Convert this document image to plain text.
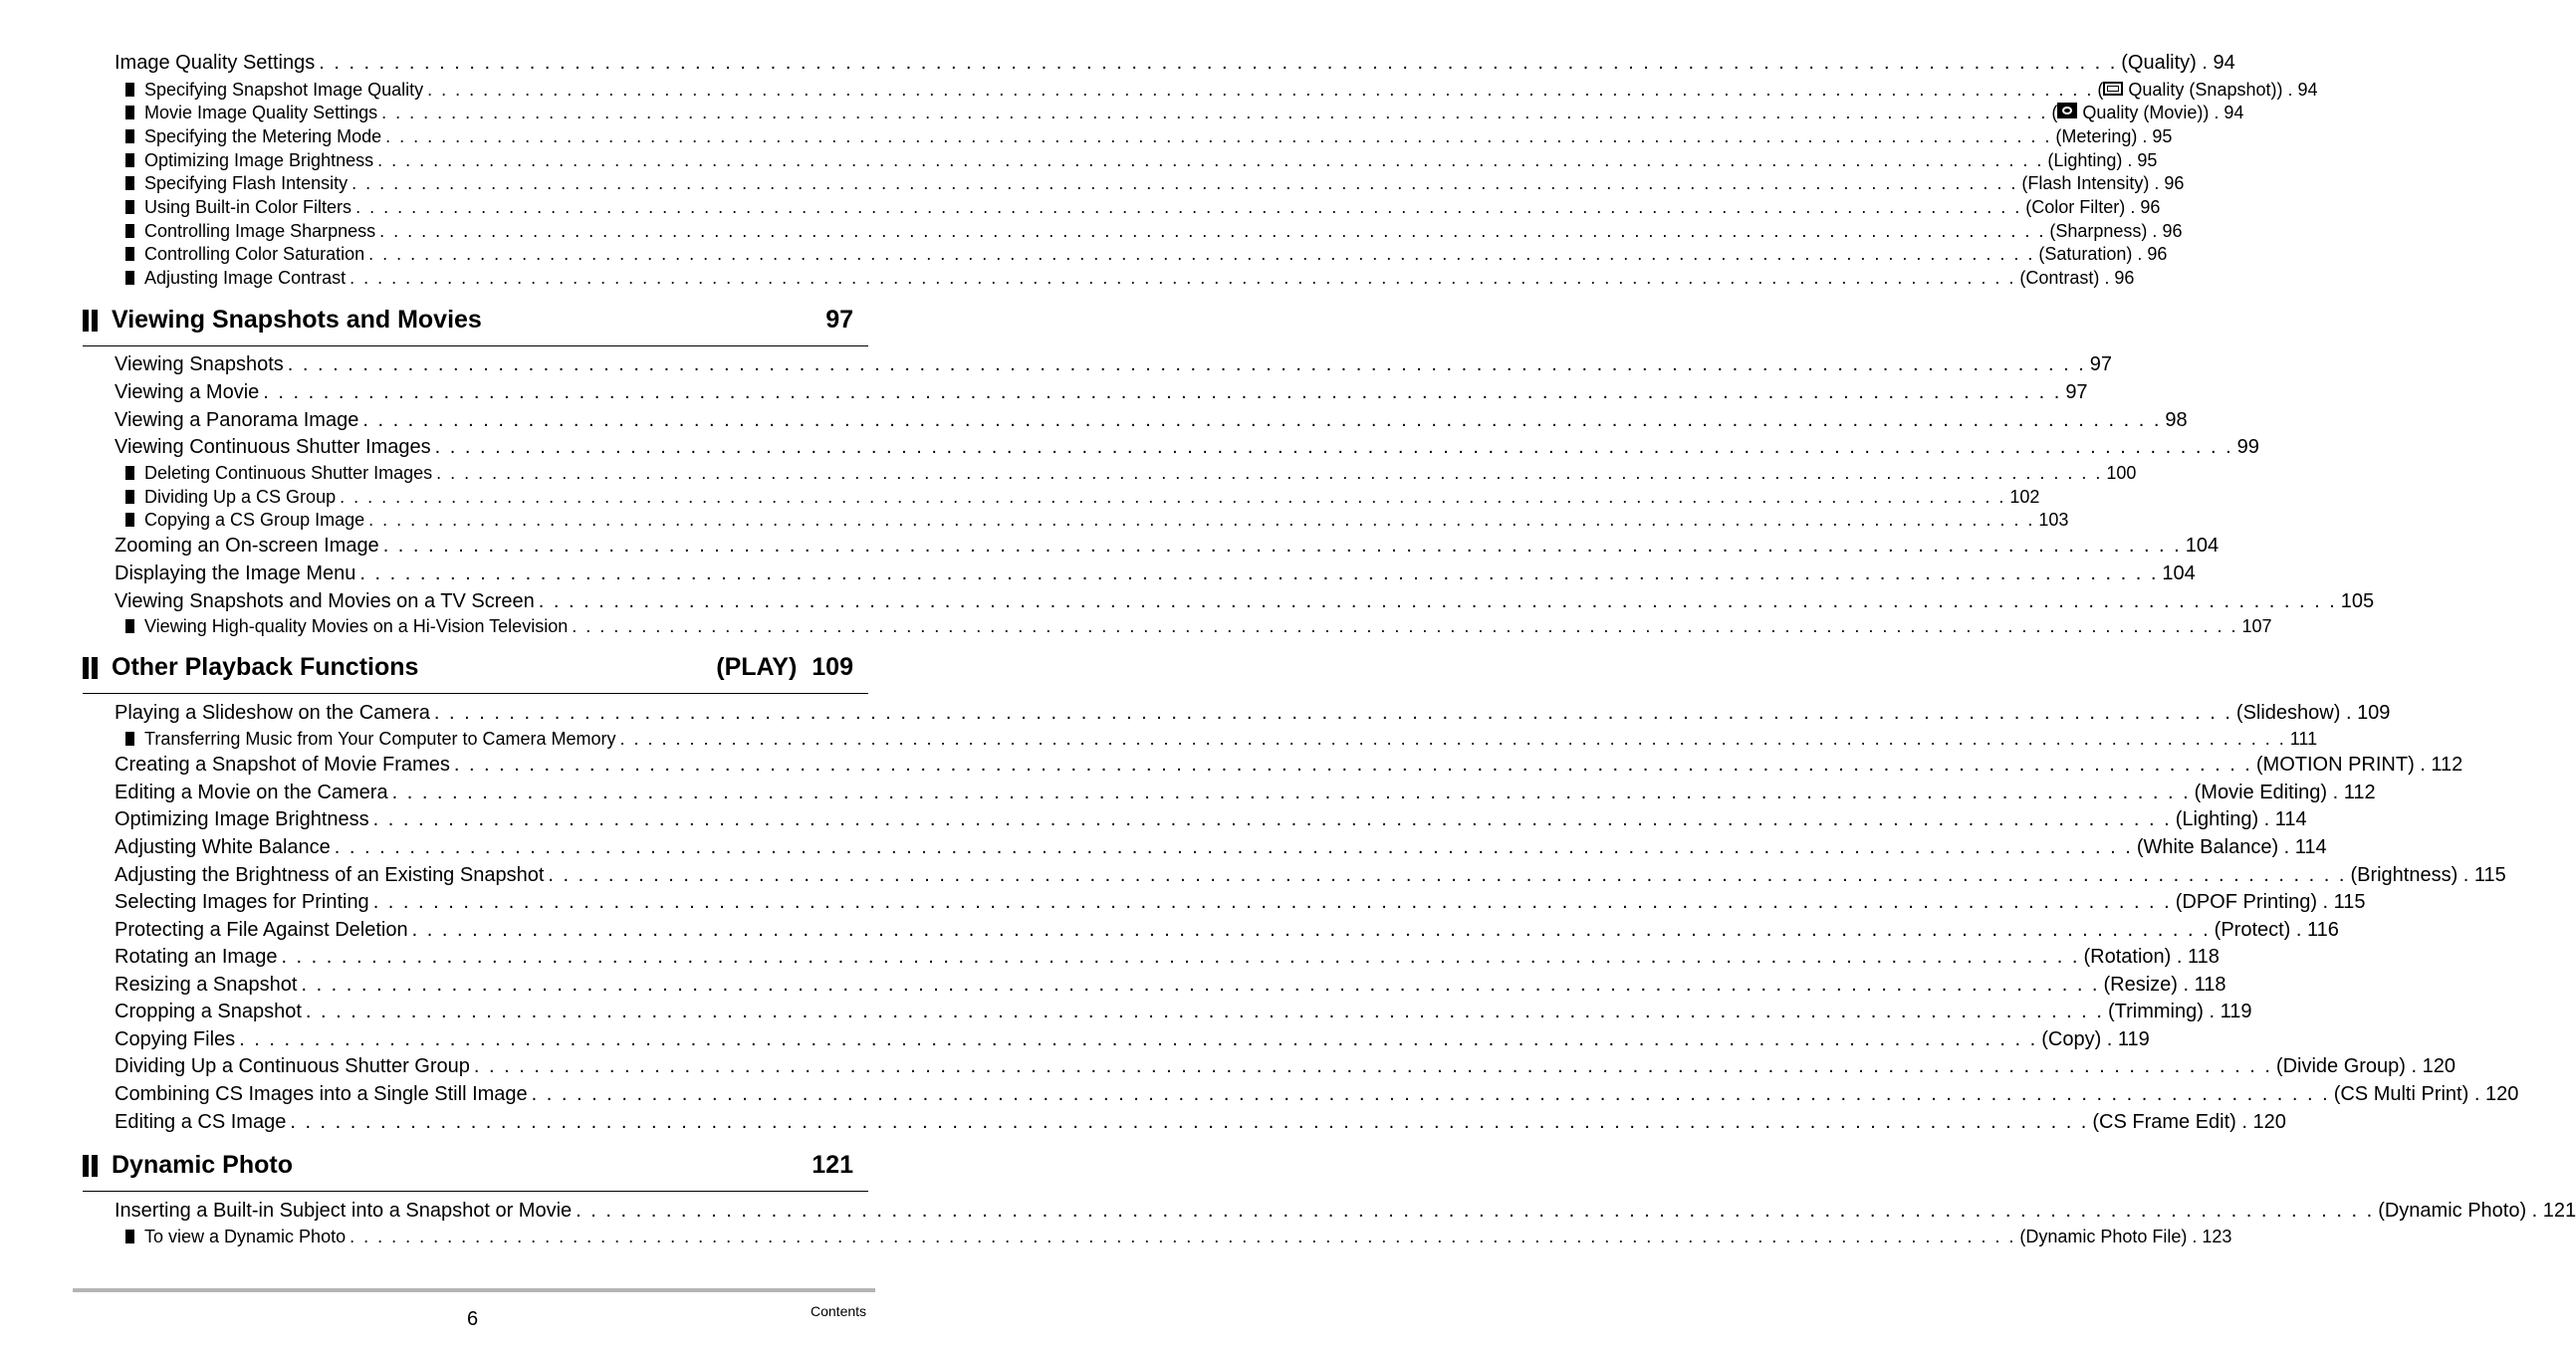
Image Quality Settings . . . . . . . . . . . . . . . . . . . . . . . . . . . . . . . . . . . . . . . . . . . . . . . . . . . . . . . . . . . . . . . . . . . . . . . . . . . . . . . . . . . . . . . . . . . . . . . . . . . . . . . . . . . . . . . . . . . . . . . . (Quality) . 94
Specifying Snapshot Image Quality . . . . . . . . . . . . . . . . . . . . . . . . . . . . . . . . . . . . . . . . . . . . . . . . . . . . . . . . . . . . . . . . . . . . . . . . . . . . . . . . . . . . . . . . . . . . . . . . . . . . . . . . . . . . . . . . . . . . . . . . ( Quality (Snapshot)) . 94
Movie Image Quality Settings . . . . . . . . . . . . . . . . . . . . . . . . . . . . . . . . . . . . . . . . . . . . . . . . . . . . . . . . . . . . . . . . . . . . . . . . . . . . . . . . . . . . . . . . . . . . . . . . . . . . . . . . . . . . . . . . . . . . . . . . ( Quality (Movie)) . 94
Specifying the Metering Mode . . . . . . . . . . . . . . . . . . . . . . . . . . . . . . . . . . . . . . . . . . . . . . . . . . . . . . . . . . . . . . . . . . . . . . . . . . . . . . . . . . . . . . . . . . . . . . . . . . . . . . . . . . . . . . . . . . . . . . . . (Metering) . 95
Optimizing Image Brightness . . . . . . . . . . . . . . . . . . . . . . . . . . . . . . . . . . . . . . . . . . . . . . . . . . . . . . . . . . . . . . . . . . . . . . . . . . . . . . . . . . . . . . . . . . . . . . . . . . . . . . . . . . . . . . . . . . . . . . . . (Lighting) . 95
Specifying Flash Intensity . . . . . . . . . . . . . . . . . . . . . . . . . . . . . . . . . . . . . . . . . . . . . . . . . . . . . . . . . . . . . . . . . . . . . . . . . . . . . . . . . . . . . . . . . . . . . . . . . . . . . . . . . . . . . . . . . . . . . . . . (Flash Intensity) . 96
Using Built-in Color Filters . . . . . . . . . . . . . . . . . . . . . . . . . . . . . . . . . . . . . . . . . . . . . . . . . . . . . . . . . . . . . . . . . . . . . . . . . . . . . . . . . . . . . . . . . . . . . . . . . . . . . . . . . . . . . . . . . . . . . . . . (Color Filter) . 96
Controlling Image Sharpness . . . . . . . . . . . . . . . . . . . . . . . . . . . . . . . . . . . . . . . . . . . . . . . . . . . . . . . . . . . . . . . . . . . . . . . . . . . . . . . . . . . . . . . . . . . . . . . . . . . . . . . . . . . . . . . . . . . . . . . . (Sharpness) . 96
Controlling Color Saturation . . . . . . . . . . . . . . . . . . . . . . . . . . . . . . . . . . . . . . . . . . . . . . . . . . . . . . . . . . . . . . . . . . . . . . . . . . . . . . . . . . . . . . . . . . . . . . . . . . . . . . . . . . . . . . . . . . . . . . . . (Saturation) . 96
Adjusting Image Contrast . . . . . . . . . . . . . . . . . . . . . . . . . . . . . . . . . . . . . . . . . . . . . . . . . . . . . . . . . . . . . . . . . . . . . . . . . . . . . . . . . . . . . . . . . . . . . . . . . . . . . . . . . . . . . . . . . . . . . . . . (Contrast) . 96
Viewing Snapshots and Movies	97
Viewing Snapshots . . . . . . . . . . . . . . . . . . . . . . . . . . . . . . . . . . . . . . . . . . . . . . . . . . . . . . . . . . . . . . . . . . . . . . . . . . . . . . . . . . . . . . . . . . . . . . . . . . . . . . . . . . . . . . . . . . . . . . . . 97
Viewing a Movie . . . . . . . . . . . . . . . . . . . . . . . . . . . . . . . . . . . . . . . . . . . . . . . . . . . . . . . . . . . . . . . . . . . . . . . . . . . . . . . . . . . . . . . . . . . . . . . . . . . . . . . . . . . . . . . . . . . . . . . . 97
Viewing a Panorama Image . . . . . . . . . . . . . . . . . . . . . . . . . . . . . . . . . . . . . . . . . . . . . . . . . . . . . . . . . . . . . . . . . . . . . . . . . . . . . . . . . . . . . . . . . . . . . . . . . . . . . . . . . . . . . . . . . . . . . . . . 98
Viewing Continuous Shutter Images . . . . . . . . . . . . . . . . . . . . . . . . . . . . . . . . . . . . . . . . . . . . . . . . . . . . . . . . . . . . . . . . . . . . . . . . . . . . . . . . . . . . . . . . . . . . . . . . . . . . . . . . . . . . . . . . . . . . . . . . 99
Deleting Continuous Shutter Images . . . . . . . . . . . . . . . . . . . . . . . . . . . . . . . . . . . . . . . . . . . . . . . . . . . . . . . . . . . . . . . . . . . . . . . . . . . . . . . . . . . . . . . . . . . . . . . . . . . . . . . . . . . . . . . . . . . . . . . . 100
Dividing Up a CS Group . . . . . . . . . . . . . . . . . . . . . . . . . . . . . . . . . . . . . . . . . . . . . . . . . . . . . . . . . . . . . . . . . . . . . . . . . . . . . . . . . . . . . . . . . . . . . . . . . . . . . . . . . . . . . . . . . . . . . . . . 102
Copying a CS Group Image . . . . . . . . . . . . . . . . . . . . . . . . . . . . . . . . . . . . . . . . . . . . . . . . . . . . . . . . . . . . . . . . . . . . . . . . . . . . . . . . . . . . . . . . . . . . . . . . . . . . . . . . . . . . . . . . . . . . . . . . 103
Zooming an On-screen Image . . . . . . . . . . . . . . . . . . . . . . . . . . . . . . . . . . . . . . . . . . . . . . . . . . . . . . . . . . . . . . . . . . . . . . . . . . . . . . . . . . . . . . . . . . . . . . . . . . . . . . . . . . . . . . . . . . . . . . . . 104
Displaying the Image Menu . . . . . . . . . . . . . . . . . . . . . . . . . . . . . . . . . . . . . . . . . . . . . . . . . . . . . . . . . . . . . . . . . . . . . . . . . . . . . . . . . . . . . . . . . . . . . . . . . . . . . . . . . . . . . . . . . . . . . . . . 104
Viewing Snapshots and Movies on a TV Screen . . . . . . . . . . . . . . . . . . . . . . . . . . . . . . . . . . . . . . . . . . . . . . . . . . . . . . . . . . . . . . . . . . . . . . . . . . . . . . . . . . . . . . . . . . . . . . . . . . . . . . . . . . . . . . . . . . . . . . . . 105
Viewing High-quality Movies on a Hi-Vision Television . . . . . . . . . . . . . . . . . . . . . . . . . . . . . . . . . . . . . . . . . . . . . . . . . . . . . . . . . . . . . . . . . . . . . . . . . . . . . . . . . . . . . . . . . . . . . . . . . . . . . . . . . . . . . . . . . . . . . . . . 107
Other Playback Functions	(PLAY) 109
Playing a Slideshow on the Camera . . . . . . . . . . . . . . . . . . . . . . . . . . . . . . . . . . . . . . . . . . . . . . . . . . . . . . . . . . . . . . . . . . . . . . . . . . . . . . . . . . . . . . . . . . . . . . . . . . . . . . . . . . . . . . . . . . . . . . . . (Slideshow) . 109
Transferring Music from Your Computer to Camera Memory . . . . . . . . . . . . . . . . . . . . . . . . . . . . . . . . . . . . . . . . . . . . . . . . . . . . . . . . . . . . . . . . . . . . . . . . . . . . . . . . . . . . . . . . . . . . . . . . . . . . . . . . . . . . . . . . . . . . . . . . 111
Creating a Snapshot of Movie Frames . . . . . . . . . . . . . . . . . . . . . . . . . . . . . . . . . . . . . . . . . . . . . . . . . . . . . . . . . . . . . . . . . . . . . . . . . . . . . . . . . . . . . . . . . . . . . . . . . . . . . . . . . . . . . . . . . . . . . . . . (MOTION PRINT) . 112
Editing a Movie on the Camera . . . . . . . . . . . . . . . . . . . . . . . . . . . . . . . . . . . . . . . . . . . . . . . . . . . . . . . . . . . . . . . . . . . . . . . . . . . . . . . . . . . . . . . . . . . . . . . . . . . . . . . . . . . . . . . . . . . . . . . . (Movie Editing) . 112
Optimizing Image Brightness . . . . . . . . . . . . . . . . . . . . . . . . . . . . . . . . . . . . . . . . . . . . . . . . . . . . . . . . . . . . . . . . . . . . . . . . . . . . . . . . . . . . . . . . . . . . . . . . . . . . . . . . . . . . . . . . . . . . . . . . (Lighting) . 114
Adjusting White Balance . . . . . . . . . . . . . . . . . . . . . . . . . . . . . . . . . . . . . . . . . . . . . . . . . . . . . . . . . . . . . . . . . . . . . . . . . . . . . . . . . . . . . . . . . . . . . . . . . . . . . . . . . . . . . . . . . . . . . . . . (White Balance) . 114
Adjusting the Brightness of an Existing Snapshot . . . . . . . . . . . . . . . . . . . . . . . . . . . . . . . . . . . . . . . . . . . . . . . . . . . . . . . . . . . . . . . . . . . . . . . . . . . . . . . . . . . . . . . . . . . . . . . . . . . . . . . . . . . . . . . . . . . . . . . . (Brightness) . 115
Selecting Images for Printing . . . . . . . . . . . . . . . . . . . . . . . . . . . . . . . . . . . . . . . . . . . . . . . . . . . . . . . . . . . . . . . . . . . . . . . . . . . . . . . . . . . . . . . . . . . . . . . . . . . . . . . . . . . . . . . . . . . . . . . . (DPOF Printing) . 115
Protecting a File Against Deletion . . . . . . . . . . . . . . . . . . . . . . . . . . . . . . . . . . . . . . . . . . . . . . . . . . . . . . . . . . . . . . . . . . . . . . . . . . . . . . . . . . . . . . . . . . . . . . . . . . . . . . . . . . . . . . . . . . . . . . . . (Protect) . 116
Rotating an Image . . . . . . . . . . . . . . . . . . . . . . . . . . . . . . . . . . . . . . . . . . . . . . . . . . . . . . . . . . . . . . . . . . . . . . . . . . . . . . . . . . . . . . . . . . . . . . . . . . . . . . . . . . . . . . . . . . . . . . . . (Rotation) . 118
Resizing a Snapshot . . . . . . . . . . . . . . . . . . . . . . . . . . . . . . . . . . . . . . . . . . . . . . . . . . . . . . . . . . . . . . . . . . . . . . . . . . . . . . . . . . . . . . . . . . . . . . . . . . . . . . . . . . . . . . . . . . . . . . . . (Resize) . 118
Cropping a Snapshot . . . . . . . . . . . . . . . . . . . . . . . . . . . . . . . . . . . . . . . . . . . . . . . . . . . . . . . . . . . . . . . . . . . . . . . . . . . . . . . . . . . . . . . . . . . . . . . . . . . . . . . . . . . . . . . . . . . . . . . . (Trimming) . 119
Copying Files . . . . . . . . . . . . . . . . . . . . . . . . . . . . . . . . . . . . . . . . . . . . . . . . . . . . . . . . . . . . . . . . . . . . . . . . . . . . . . . . . . . . . . . . . . . . . . . . . . . . . . . . . . . . . . . . . . . . . . . . (Copy) . 119
Dividing Up a Continuous Shutter Group . . . . . . . . . . . . . . . . . . . . . . . . . . . . . . . . . . . . . . . . . . . . . . . . . . . . . . . . . . . . . . . . . . . . . . . . . . . . . . . . . . . . . . . . . . . . . . . . . . . . . . . . . . . . . . . . . . . . . . . . (Divide Group) . 120
Combining CS Images into a Single Still Image . . . . . . . . . . . . . . . . . . . . . . . . . . . . . . . . . . . . . . . . . . . . . . . . . . . . . . . . . . . . . . . . . . . . . . . . . . . . . . . . . . . . . . . . . . . . . . . . . . . . . . . . . . . . . . . . . . . . . . . . (CS Multi Print) . 120
Editing a CS Image . . . . . . . . . . . . . . . . . . . . . . . . . . . . . . . . . . . . . . . . . . . . . . . . . . . . . . . . . . . . . . . . . . . . . . . . . . . . . . . . . . . . . . . . . . . . . . . . . . . . . . . . . . . . . . . . . . . . . . . . (CS Frame Edit) . 120
Dynamic Photo	121
Inserting a Built-in Subject into a Snapshot or Movie . . . . . . . . . . . . . . . . . . . . . . . . . . . . . . . . . . . . . . . . . . . . . . . . . . . . . . . . . . . . . . . . . . . . . . . . . . . . . . . . . . . . . . . . . . . . . . . . . . . . . . . . . . . . . . . . . . . . . . . . (Dynamic Photo) . 121
To view a Dynamic Photo . . . . . . . . . . . . . . . . . . . . . . . . . . . . . . . . . . . . . . . . . . . . . . . . . . . . . . . . . . . . . . . . . . . . . . . . . . . . . . . . . . . . . . . . . . . . . . . . . . . . . . . . . . . . . . . . . . . . . . . . (Dynamic Photo File) . 123
6	Contents
